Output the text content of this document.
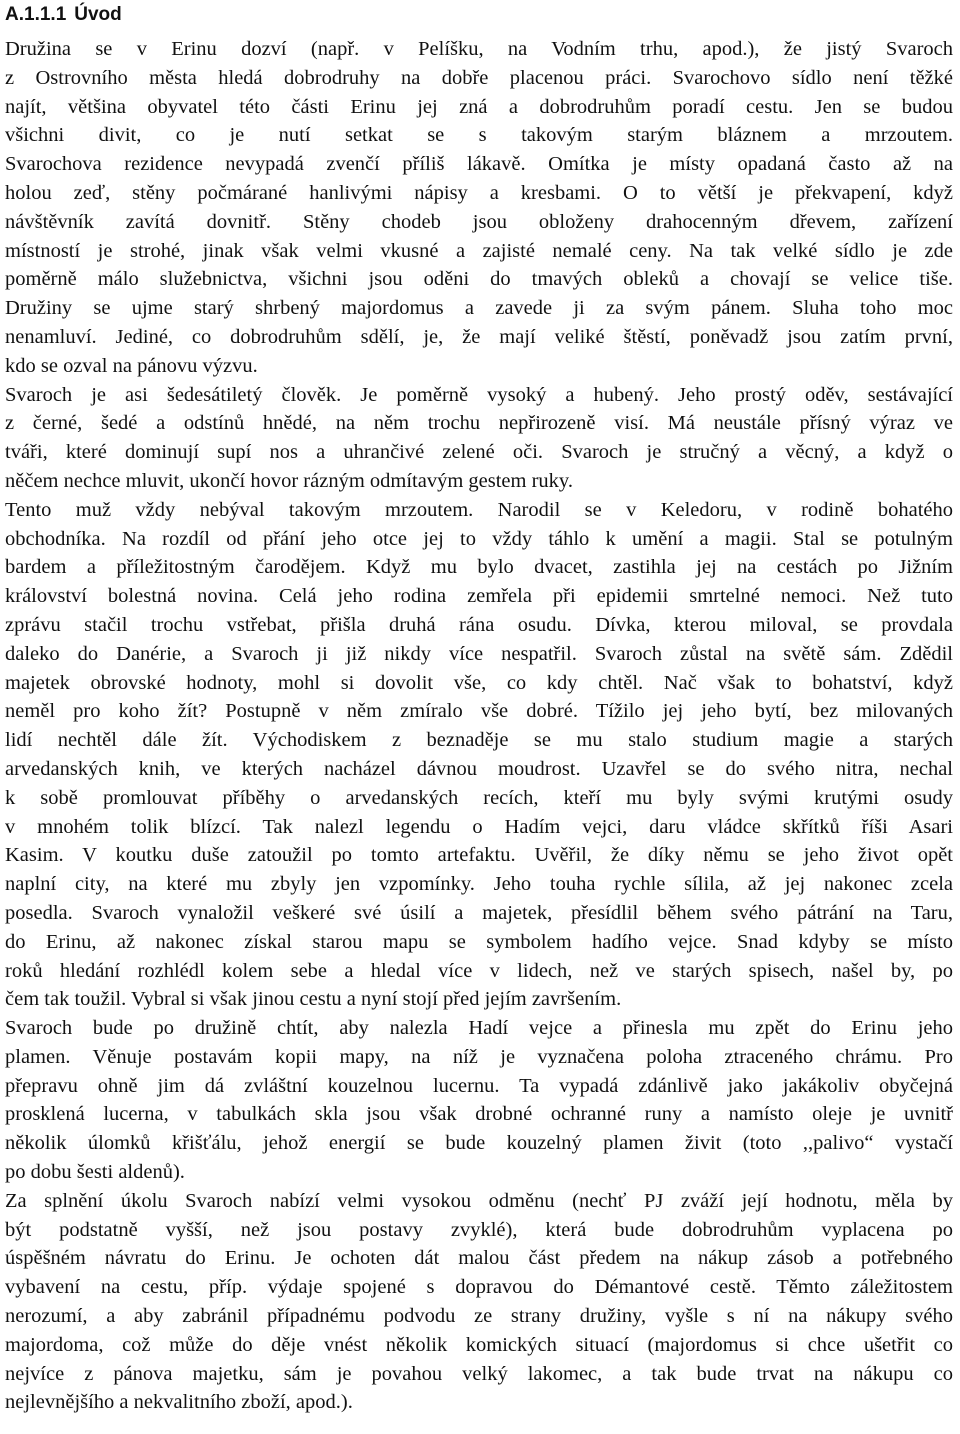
A.1.1.1 Úvod
Družina se v Erinu dozví (např. v Pelíšku, na Vodním trhu, apod.), že jistý Svaroch
z Ostrovního města hledá dobrodruhy na dobře placenou práci. Svarochovo sídlo není těžké
najít, většina obyvatel této části Erinu jej zná a dobrodruhům poradí cestu. Jen se budou
všichni divit, co je nutí setkat se s takovým starým bláznem a mrzoutem.
Svarochova rezidence nevypadá zvenčí příliš lákavě. Omítka je místy opadaná často až na
holou zeď, stěny počmárané hanlivými nápisy a kresbami. O to větší je překvapení, když
návštěvník zavítá dovnitř. Stěny chodeb jsou obloženy drahocenným dřevem, zařízení
místností je strohé, jinak však velmi vkusné a zajisté nemalé ceny. Na tak velké sídlo je zde
poměrně málo služebnictva, všichni jsou oděni do tmavých obleků a chovají se velice tiše.
Družiny se ujme starý shrbený majordomus a zavede ji za svým pánem. Sluha toho moc
nenamluví. Jediné, co dobrodruhům sdělí, je, že mají veliké štěstí, poněvadž jsou zatím první,
kdo se ozval na pánovu výzvu.
Svaroch je asi šedesátiletý člověk. Je poměrně vysoký a hubený. Jeho prostý oděv, sestávající
z černé, šedé a odstínů hnědé, na něm trochu nepřirozeně visí. Má neustále přísný výraz ve
tváři, které dominují supí nos a uhrančivé zelené oči. Svaroch je stručný a věcný, a když o
něčem nechce mluvit, ukončí hovor rázným odmítavým gestem ruky.
Tento muž vždy nebýval takovým mrzoutem. Narodil se v Keledoru, v rodině bohatého
obchodníka. Na rozdíl od přání jeho otce jej to vždy táhlo k umění a magii. Stal se potulným
bardem a příležitostným čarodějem. Když mu bylo dvacet, zastihla jej na cestách po Jižním
království bolestná novina. Celá jeho rodina zemřela při epidemii smrtelné nemoci. Než tuto
zprávu stačil trochu vstřebat, přišla druhá rána osudu. Dívka, kterou miloval, se provdala
daleko do Danérie, a Svaroch ji již nikdy více nespatřil. Svaroch zůstal na světě sám. Zdědil
majetek obrovské hodnoty, mohl si dovolit vše, co kdy chtěl. Nač však to bohatství, když
neměl pro koho žít? Postupně v něm zmíralo vše dobré. Tížilo jej jeho bytí, bez milovaných
lidí nechtěl dále žít. Východiskem z beznaděje se mu stalo studium magie a starých
arvedanských knih, ve kterých nacházel dávnou moudrost. Uzavřel se do svého nitra, nechal
k sobě promlouvat příběhy o arvedanských recích, kteří mu byly svými krutými osudy
v mnohém tolik blízcí. Tak nalezl legendu o Hadím vejci, daru vládce skřítků říši Asari
Kasim. V koutku duše zatoužil po tomto artefaktu. Uvěřil, že díky němu se jeho život opět
naplní city, na které mu zbyly jen vzpomínky. Jeho touha rychle sílila, až jej nakonec zcela
posedla. Svaroch vynaložil veškeré své úsilí a majetek, přesídlil během svého pátrání na Taru,
do Erinu, až nakonec získal starou mapu se symbolem hadího vejce. Snad kdyby se místo
roků hledání rozhlédl kolem sebe a hledal více v lidech, než ve starých spisech, našel by, po
čem tak toužil. Vybral si však jinou cestu a nyní stojí před jejím završením.
Svaroch bude po družině chtít, aby nalezla Hadí vejce a přinesla mu zpět do Erinu jeho
plamen. Věnuje postavám kopii mapy, na níž je vyznačena poloha ztraceného chrámu. Pro
přepravu ohně jim dá zvláštní kouzelnou lucernu. Ta vypadá zdánlivě jako jakákoliv obyčejná
prosklená lucerna, v tabulkách skla jsou však drobné ochranné runy a namísto oleje je uvnitř
několik úlomků křišťálu, jehož energií se bude kouzelný plamen živit (toto ,,palivo“ vystačí
po dobu šesti aldenů).
Za splnění úkolu Svaroch nabízí velmi vysokou odměnu (nechť PJ zváží její hodnotu, měla by
být podstatně vyšší, než jsou postavy zvyklé), která bude dobrodruhům vyplacena po
úspěšném návratu do Erinu. Je ochoten dát malou část předem na nákup zásob a potřebného
vybavení na cestu, příp. výdaje spojené s dopravou do Démantové cestě. Těmto záležitostem
nerozumí, a aby zabránil případnému podvodu ze strany družiny, vyšle s ní na nákupy svého
majordoma, což může do děje vnést několik komických situací (majordomus si chce ušetřit co
nejvíce z pánova majetku, sám je povahou velký lakomec, a tak bude trvat na nákupu co
nejlevnějšího a nekvalitního zboží, apod.).
